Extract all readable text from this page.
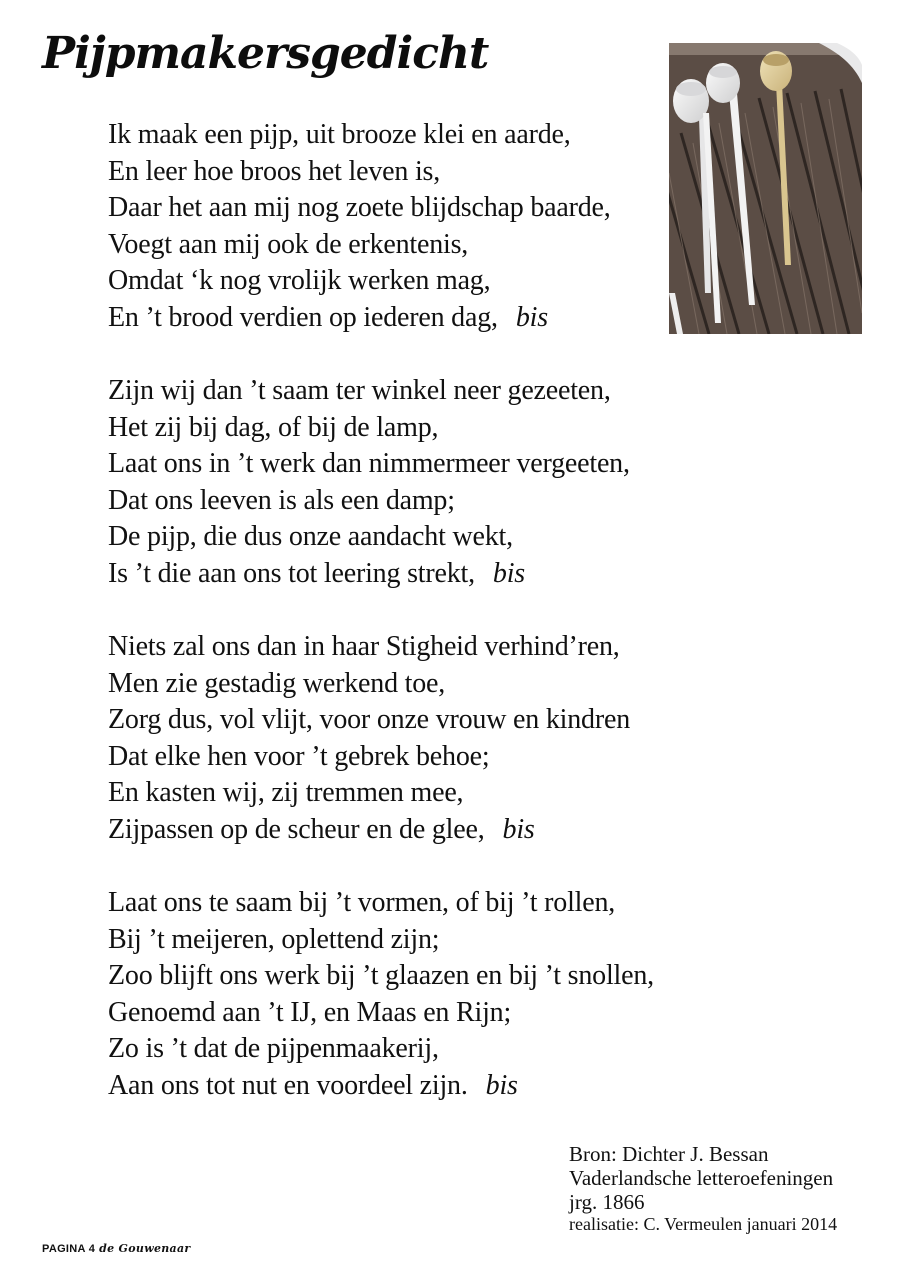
Pijpmakersgedicht
Ik maak een pijp, uit brooze klei en aarde,
En leer hoe broos het leven is,
Daar het aan mij nog zoete blijdschap baarde,
Voegt aan mij ook de erkentenis,
Omdat ‘k nog vrolijk werken mag,
En ’t brood verdien op iederen dag, bis
Zijn wij dan ’t saam ter winkel neer gezeeten,
Het zij bij dag, of bij de lamp,
Laat ons in ’t werk dan nimmermeer vergeeten,
Dat ons leeven is als een damp;
De pijp, die dus onze aandacht wekt,
Is ’t die aan ons tot leering strekt, bis
Niets zal ons dan in haar Stigheid verhind’ren,
Men zie gestadig werkend toe,
Zorg dus, vol vlijt, voor onze vrouw en kindren
Dat elke hen voor ’t gebrek behoe;
En kasten wij, zij tremmen mee,
Zijpassen op de scheur en de glee, bis
Laat ons te saam bij ’t vormen, of bij ’t rollen,
Bij ’t meijeren, oplettend zijn;
Zoo blijft ons werk bij ’t glaazen en bij ’t snollen,
Genoemd aan ’t IJ, en Maas en Rijn;
Zo is ’t dat de pijpenmaakerij,
Aan ons tot nut en voordeel zijn. bis
Bron: Dichter J. Bessan
Vaderlandsche letteroefeningen
jrg. 1866
realisatie: C. Vermeulen januari 2014
PAGINA 4 de Gouwenaar
